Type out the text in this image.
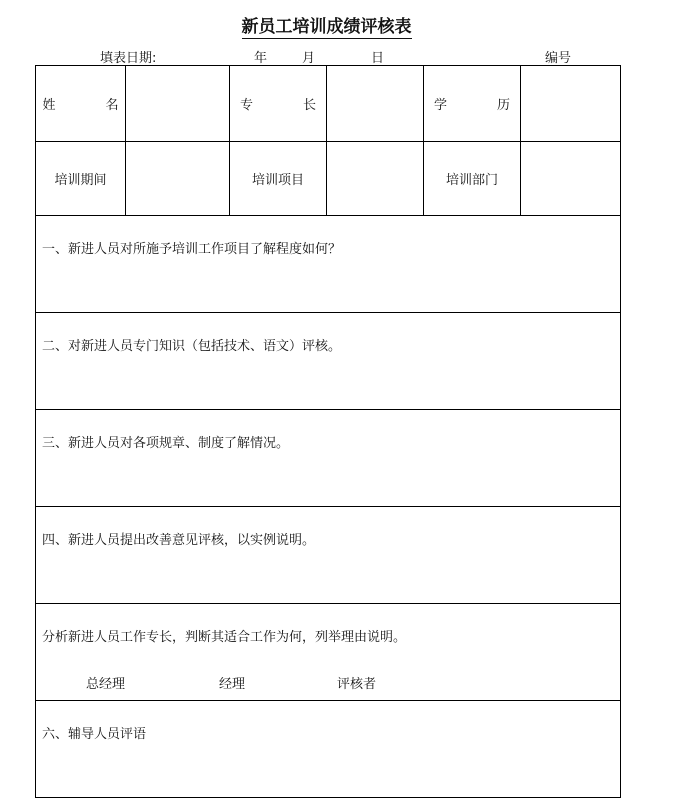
新员工培训成绩评核表
填表日期:	年	月	日	编号
姓 名		专 长		学 历	
培训期间		培训项目		培训部门	
一、新进人员对所施予培训工作项目了解程度如何？					
二、对新进人员专门知识（包括技术、语文）评核。					
三、新进人员对各项规章、制度了解情况。					
四、新进人员提出改善意见评核，以实例说明。					
分析新进人员工作专长，判断其适合工作为何，列举理由说明。					
六、辅导人员评语					
总经理	经理	评核者
